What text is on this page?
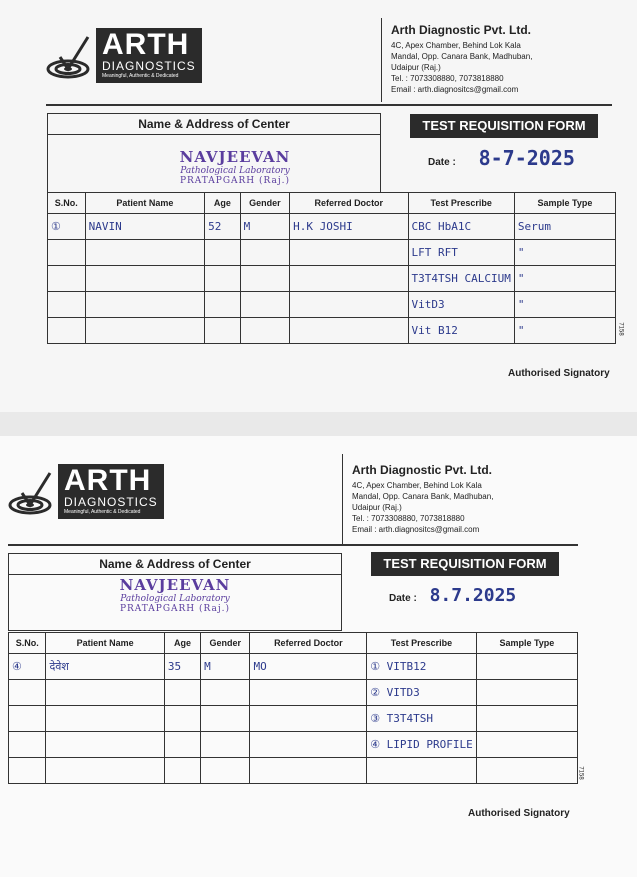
ARTH
DIAGNOSTICS
Meaningful, Authentic & Dedicated
Arth Diagnostic Pvt. Ltd.
4C, Apex Chamber, Behind Lok Kala
Mandal, Opp. Canara Bank, Madhuban,
Udaipur (Raj.)
Tel. : 7073308880, 7073818880
Email : arth.diagnositcs@gmail.com
Name & Address of Center
NAVJEEVAN
Pathological Laboratory
PRATAPGARH (Raj.)
TEST REQUISITION FORM
Date : 8-7-2025
S.No.	Patient Name	Age	Gender	Referred Doctor	Test Prescribe	Sample Type
①	NAVIN	52	M	H.K JOSHI	CBC HbA1C	Serum
					LFT RFT	"
					T3T4TSH CALCIUM	"
					VitD3	"
					Vit B12	"	7158
Authorised Signatory
ARTH
DIAGNOSTICS
Meaningful, Authentic & Dedicated
Arth Diagnostic Pvt. Ltd.
4C, Apex Chamber, Behind Lok Kala
Mandal, Opp. Canara Bank, Madhuban,
Udaipur (Raj.)
Tel. : 7073308880, 7073818880
Email : arth.diagnositcs@gmail.com
Name & Address of Center
NAVJEEVAN
Pathological Laboratory
PRATAPGARH (Raj.)
TEST REQUISITION FORM
Date : 8.7.2025
S.No.	Patient Name	Age	Gender	Referred Doctor	Test Prescribe	Sample Type
④	देवेश	35	M	MO	① VITB12	
					② VITD3	
					③ T3T4TSH	
					④ LIPID PROFILE	

7158
Authorised Signatory
